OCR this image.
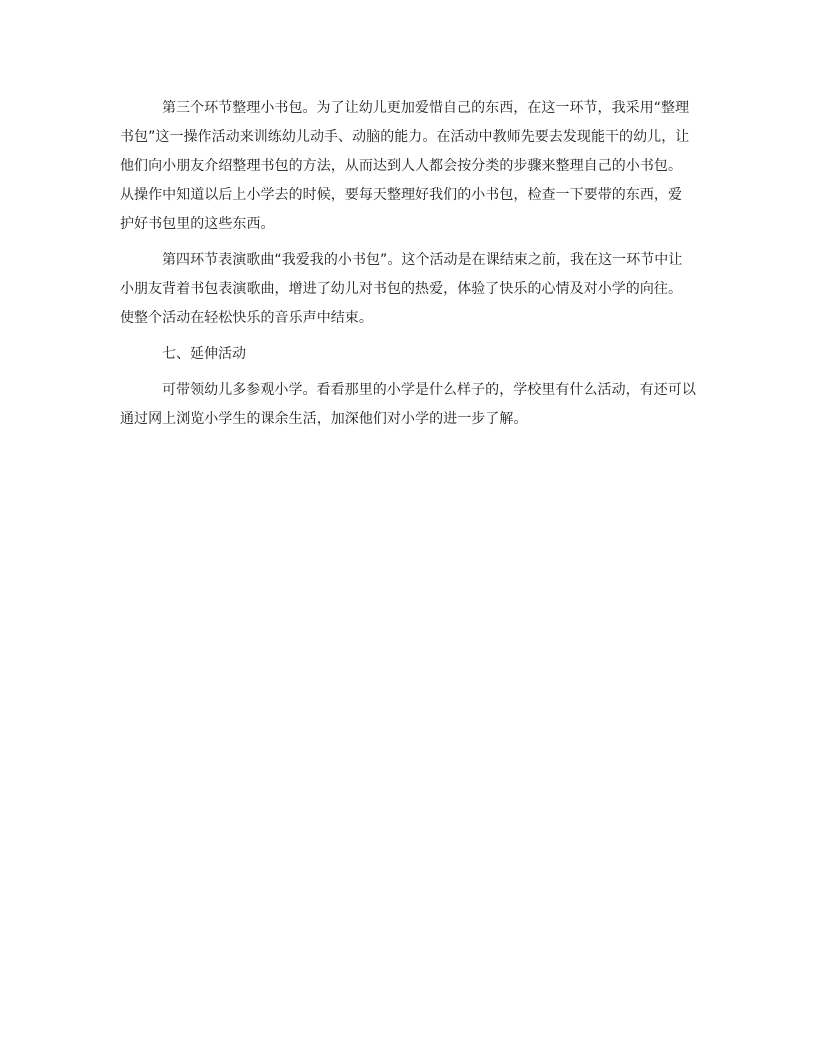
第三个环节整理小书包。为了让幼儿更加爱惜自己的东西，在这一环节，我采用“整理书包”这一操作活动来训练幼儿动手、动脑的能力。在活动中教师先要去发现能干的幼儿，让他们向小朋友介绍整理书包的方法，从而达到人人都会按分类的步骤来整理自己的小书包。从操作中知道以后上小学去的时候，要每天整理好我们的小书包，检查一下要带的东西，爱护好书包里的这些东西。

第四环节表演歌曲“我爱我的小书包”。这个活动是在课结束之前，我在这一环节中让小朋友背着书包表演歌曲，增进了幼儿对书包的热爱，体验了快乐的心情及对小学的向往。使整个活动在轻松快乐的音乐声中结束。

七、延伸活动

可带领幼儿多参观小学。看看那里的小学是什么样子的，学校里有什么活动，有还可以通过网上浏览小学生的课余生活，加深他们对小学的进一步了解。
